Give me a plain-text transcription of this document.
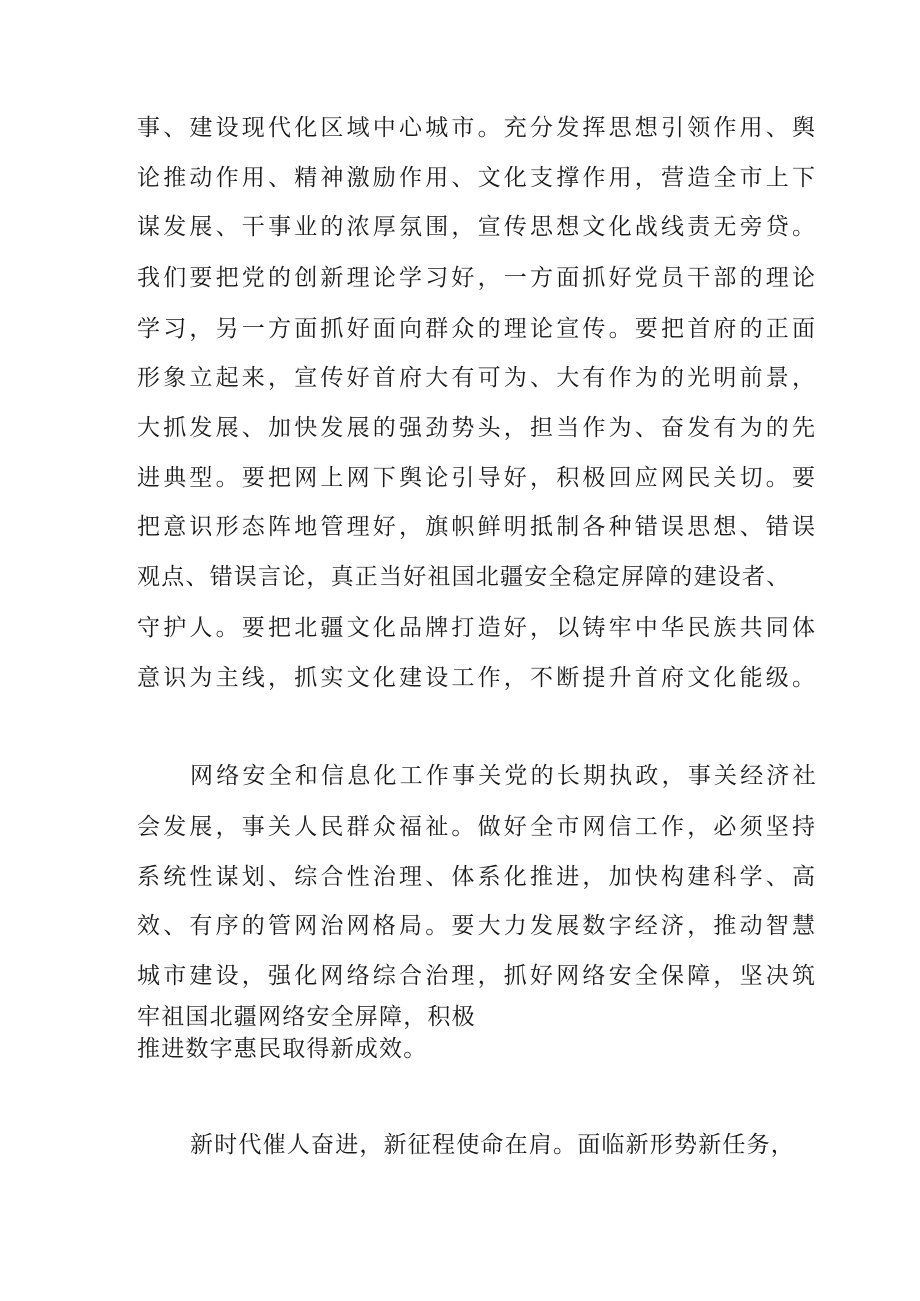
事、建设现代化区域中心城市。充分发挥思想引领作用、舆

论推动作用、精神激励作用、文化支撑作用，营造全市上下

谋发展、干事业的浓厚氛围，宣传思想文化战线责无旁贷。

我们要把党的创新理论学习好，一方面抓好党员干部的理论

学习，另一方面抓好面向群众的理论宣传。要把首府的正面

形象立起来，宣传好首府大有可为、大有作为的光明前景，

大抓发展、加快发展的强劲势头，担当作为、奋发有为的先

进典型。要把网上网下舆论引导好，积极回应网民关切。要

把意识形态阵地管理好，旗帜鲜明抵制各种错误思想、错误

观点、错误言论，真正当好祖国北疆安全稳定屏障的建设者、

守护人。要把北疆文化品牌打造好，以铸牢中华民族共同体

意识为主线，抓实文化建设工作，不断提升首府文化能级。

网络安全和信息化工作事关党的长期执政，事关经济社

会发展，事关人民群众福祉。做好全市网信工作，必须坚持

系统性谋划、综合性治理、体系化推进，加快构建科学、高

效、有序的管网治网格局。要大力发展数字经济，推动智慧

城市建设，强化网络综合治理，抓好网络安全保障，坚决筑

牢祖国北疆网络安全屏障，积极

推进数字惠民取得新成效。

新时代催人奋进，新征程使命在肩。面临新形势新任务，
